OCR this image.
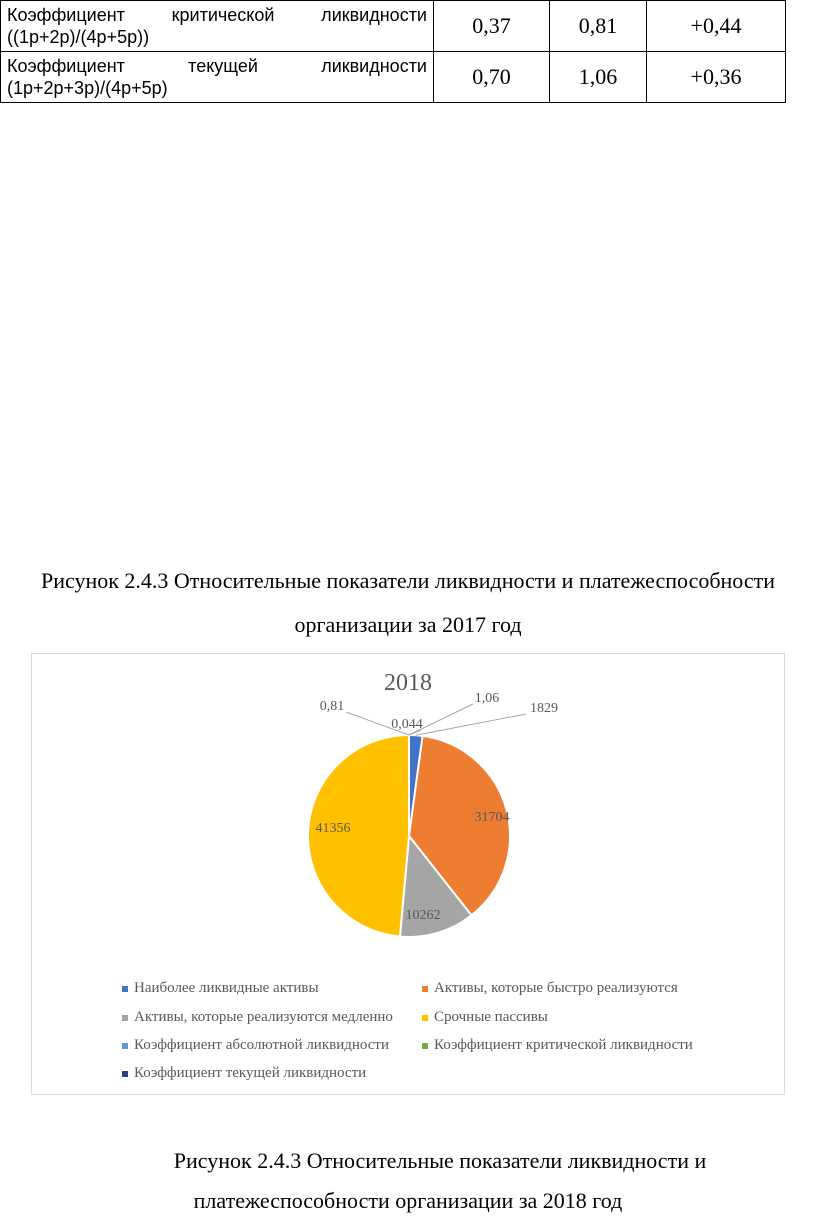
Коэффициент критической ликвидности
((1р+2р)/(4р+5р))	0,37	0,81	+0,44

Коэффициент текущей ликвидности
(1р+2р+3р)/(4р+5р)	0,70	1,06	+0,36
Рисунок 2.4.3 Относительные показатели ликвидности и платежеспособности
организации за 2017 год
2018
1829
31704
10262
41356
0,044
0,81
1,06
Наиболее ликвидные активы	Активы, которые быстро реализуются
Активы, которые реализуются медленно	Срочные пассивы
Коэффициент абсолютной ликвидности	Коэффициент критической ликвидности
Коэффициент текущей ликвидности
Рисунок 2.4.3 Относительные показатели ликвидности и
платежеспособности организации за 2018 год
